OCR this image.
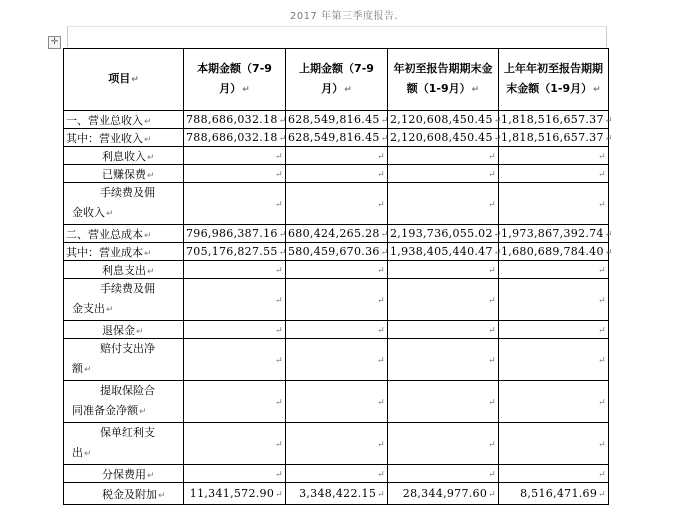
2017 年第三季度报告.
✛
项目↵	本期金额（7-9 月）↵	上期金额（7-9 月）↵	年初至报告期期末金额（1-9月）↵	上年年初至报告期期末金额（1-9月）↵
一、营业总收入↵	788,686,032.18↵	628,549,816.45↵	2,120,608,450.45↵	1,818,516,657.37↵
其中：营业收入↵	788,686,032.18↵	628,549,816.45↵	2,120,608,450.45↵	1,818,516,657.37↵
利息收入↵	↵	↵	↵	↵
已赚保费↵	↵	↵	↵	↵

手续费及佣
金收入↵	↵	↵	↵	↵
二、营业总成本↵	796,986,387.16↵	680,424,265.28↵	2,193,736,055.02↵	1,973,867,392.74↵
其中：营业成本↵	705,176,827.55↵	580,459,670.36↵	1,938,405,440.47↵	1,680,689,784.40↵
利息支出↵	↵	↵	↵	↵

手续费及佣
金支出↵	↵	↵	↵	↵
退保金↵	↵	↵	↵	↵

赔付支出净
额↵	↵	↵	↵	↵

提取保险合
同准备金净额↵	↵	↵	↵	↵

保单红利支
出↵	↵	↵	↵	↵
分保费用↵	↵	↵	↵	↵
税金及附加↵	11,341,572.90↵	3,348,422.15↵	28,344,977.60↵	8,516,471.69↵
